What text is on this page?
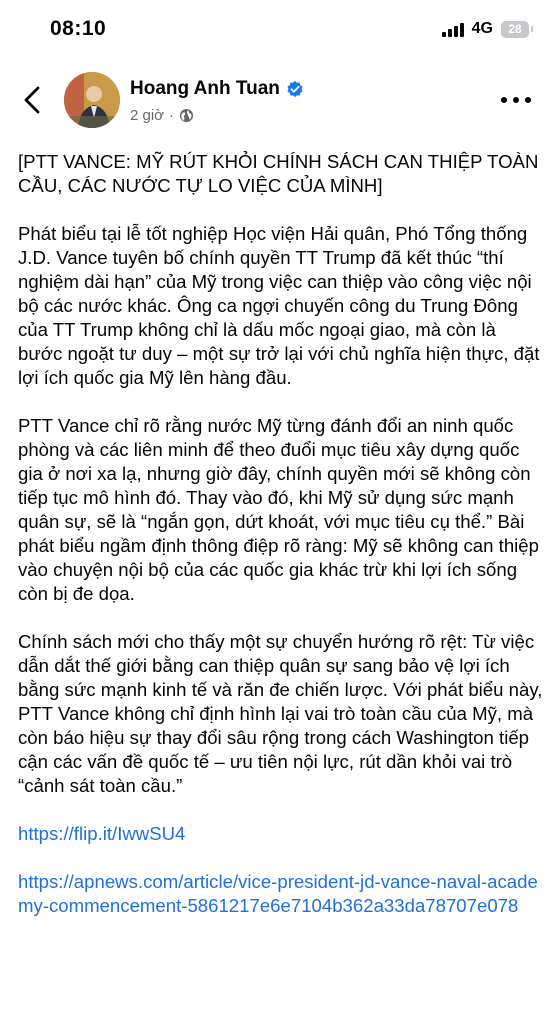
08:10	4G 28
Hoang Anh Tuan
2 giờ ·
[PTT VANCE: MỸ RÚT KHỎI CHÍNH SÁCH CAN THIỆP TOÀN CẦU, CÁC NƯỚC TỰ LO VIỆC CỦA MÌNH]

Phát biểu tại lễ tốt nghiệp Học viện Hải quân, Phó Tổng thống J.D. Vance tuyên bố chính quyền TT Trump đã kết thúc “thí nghiệm dài hạn” của Mỹ trong việc can thiệp vào công việc nội bộ các nước khác. Ông ca ngợi chuyến công du Trung Đông của TT Trump không chỉ là dấu mốc ngoại giao, mà còn là bước ngoặt tư duy – một sự trở lại với chủ nghĩa hiện thực, đặt lợi ích quốc gia Mỹ lên hàng đầu.

PTT Vance chỉ rõ rằng nước Mỹ từng đánh đổi an ninh quốc phòng và các liên minh để theo đuổi mục tiêu xây dựng quốc gia ở nơi xa lạ, nhưng giờ đây, chính quyền mới sẽ không còn tiếp tục mô hình đó. Thay vào đó, khi Mỹ sử dụng sức mạnh quân sự, sẽ là “ngắn gọn, dứt khoát, với mục tiêu cụ thể.” Bài phát biểu ngầm định thông điệp rõ ràng: Mỹ sẽ không can thiệp vào chuyện nội bộ của các quốc gia khác trừ khi lợi ích sống còn bị đe dọa.

Chính sách mới cho thấy một sự chuyển hướng rõ rệt: Từ việc dẫn dắt thế giới bằng can thiệp quân sự sang bảo vệ lợi ích bằng sức mạnh kinh tế và răn đe chiến lược. Với phát biểu này, PTT Vance không chỉ định hình lại vai trò toàn cầu của Mỹ, mà còn báo hiệu sự thay đổi sâu rộng trong cách Washington tiếp cận các vấn đề quốc tế – ưu tiên nội lực, rút dần khỏi vai trò “cảnh sát toàn cầu.”

https://flip.it/IwwSU4
https://apnews.com/article/vice-president-jd-vance-naval-academy-commencement-5861217e6e7104b362a33da78707e078
